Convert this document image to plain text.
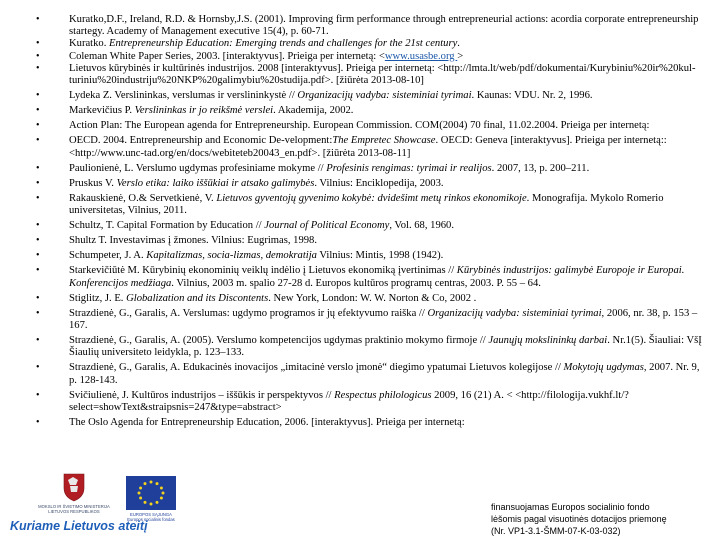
• Kuratko,D.F., Ireland, R.D. & Hornsby,J.S. (2001). Improving firm performance through entrepreneurial actions: acordia corporate entrepreneurship startegy. Academy of Management executive 15(4), p. 60-71.
• Kuratko. Entrepreneurship Education: Emerging trends and challenges for the 21st century.
• Coleman White Paper Series, 2003. [interaktyvus]. Prieiga per internetą: <www.usasbe.org >
• Lietuvos kūrybinės ir kultūrinės industrijos. 2008 [interaktyvus]. Prieiga per internetą: <http://lmta.lt/web/pdf/dokumentai/Kurybiniu%20ir%20kul-turiniu%20industriju%20NKP%20galimybiu%20studija.pdf>. [žiūrėta 2013-08-10]
• Lydeka Z. Verslininkas, verslumas ir verslininkystė // Organizacijų vadyba: sisteminiai tyrimai. Kaunas: VDU. Nr. 2, 1996.
• Markevičius P. Verslininkas ir jo reikšmė verslei. Akademija, 2002.
• Action Plan: The European agenda for Entrepreneurship. European Commission. COM(2004) 70 final, 11.02.2004. Prieiga per internetą:
• OECD. 2004. Entrepreneurship and Economic De-velopment:The Empretec Showcase. OECD: Geneva [interaktyvus]. Prieiga per internetą:: <http://www.unc-tad.org/en/docs/webiteteb20043_en.pdf>. [žiūrėta 2013-08-11]
• Paulionienė, L. Verslumo ugdymas profesiniame mokyme // Profesinis rengimas: tyrimai ir realijos. 2007, 13, p. 200–211.
• Pruskus V. Verslo etika: laiko iššūkiai ir atsako galimybės. Vilnius: Enciklopedija, 2003.
• Rakauskienė, O.& Servetkienė, V. Lietuvos gyventojų gyvenimo kokybė: dvidešimt metų rinkos ekonomikoje. Monografija. Mykolo Romerio universitetas, Vilnius, 2011.
• Schultz, T. Capital Formation by Education // Journal of Political Economy, Vol. 68, 1960.
• Shultz T. Investavimas į žmones. Vilnius: Eugrimas, 1998.
• Schumpeter, J. A. Kapitalizmas, socia-lizmas, demokratija Vilnius: Mintis, 1998 (1942).
• Starkevičiūtė M. Kūrybinių ekonominių veiklų indėlio į Lietuvos ekonomiką įvertinimas // Kūrybinės industrijos: galimybė Europoje ir Europai. Konferencijos medžiaga. Vilnius, 2003 m. spalio 27-28 d. Europos kultūros programų centras, 2003. P. 55 – 64.
• Stiglitz, J. E. Globalization and its Discontents. New York, London: W. W. Norton & Co, 2002 .
• Strazdienė, G., Garalis, A. Verslumas: ugdymo programos ir jų efektyvumo raiška // Organizacijų vadyba: sisteminiai tyrimai, 2006, nr. 38, p. 153 –167.
• Strazdienė, G., Garalis, A. (2005). Verslumo kompetencijos ugdymas praktinio mokymo firmoje // Jaunųjų mokslininkų darbai. Nr.1(5). Šiauliai: VšĮ Šiaulių universiteto leidykla, p. 123–133.
• Strazdienė, G., Garalis, A. Edukacinės inovacijos „imitacinė verslo įmonė“ diegimo ypatumai Lietuvos kolegijose // Mokytojų ugdymas, 2007. Nr. 9, p. 128-143.
• Svičiulienė, J. Kultūros industrijos – iššūkis ir perspektyvos // Respectus philologicus 2009, 16 (21) A. < <http://filologija.vukhf.lt/?select=showText&straipsnis=247&type=abstract>
• The Oslo Agenda for Entrepreneurship Education, 2006. [interaktyvus]. Prieiga per internetą:
MOKSLO IR ŠVIETIMO MINISTERIJA
LIETUVOS RESPUBLIKOS
Kuriame Lietuvos ateitį
EUROPOS SĄJUNGA
Europos socialinis fondas
finansuojamas Europos socialinio fondo
lėšomis pagal visuotinės dotacijos priemonę
(Nr. VP1-3.1-ŠMM-07-K-03-032)
